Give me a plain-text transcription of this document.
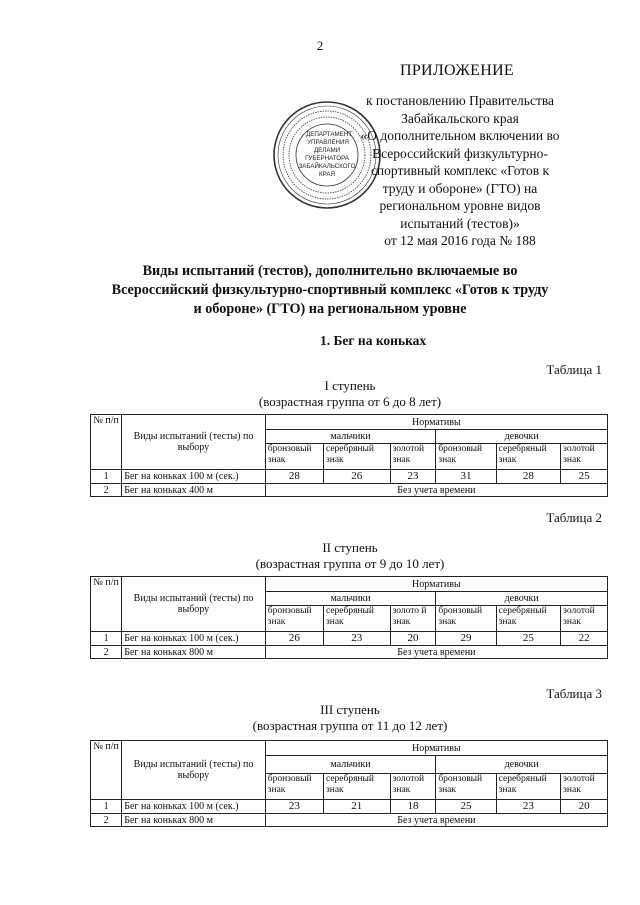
2
ПРИЛОЖЕНИЕ
ДЕПАРТАМЕНТ
УПРАВЛЕНИЯ
ДЕЛАМИ
ГУБЕРНАТОРА
ЗАБАЙКАЛЬСКОГО
КРАЯ
к постановлению Правительства
Забайкальского края
«О дополнительном включении во
Всероссийский физкультурно-
спортивный комплекс «Готов к
труду и обороне» (ГТО) на
региональном уровне видов
испытаний (тестов)»
от 12 мая 2016 года № 188
Виды испытаний (тестов), дополнительно включаемые во
Всероссийский физкультурно-спортивный комплекс «Готов к труду
и обороне» (ГТО) на региональном уровне
1. Бег на коньках
Таблица 1
I ступень
(возрастная группа от 6 до 8 лет)
№ п/п	Виды испытаний (тесты) по выбору	Нормативы					
		мальчики			девочки		
		бронзовый знак	серебряный знак	золотой знак	бронзовый знак	серебряный знак	золотой знак
1	Бег на коньках 100 м (сек.)	28	26	23	31	28	25
2	Бег на коньках 400 м	Без учета времени					
Таблица 2
II ступень
(возрастная группа от 9 до 10 лет)
№ п/п	Виды испытаний (тесты) по выбору	Нормативы					
		мальчики			девочки		
		бронзовый знак	серебряный знак	золото й знак	бронзовый знак	серебряный знак	золотой знак
1	Бег на коньках 100 м (сек.)	26	23	20	29	25	22
2	Бег на коньках 800 м	Без учета времени					
Таблица 3
III ступень
(возрастная группа от 11 до 12 лет)
№ п/п	Виды испытаний (тесты) по выбору	Нормативы					
		мальчики			девочки		
		бронзовый знак	серебряный знак	золотой знак	бронзовый знак	серебряный знак	золотой знак
1	Бег на коньках 100 м (сек.)	23	21	18	25	23	20
2	Бег на коньках 800 м	Без учета времени					
